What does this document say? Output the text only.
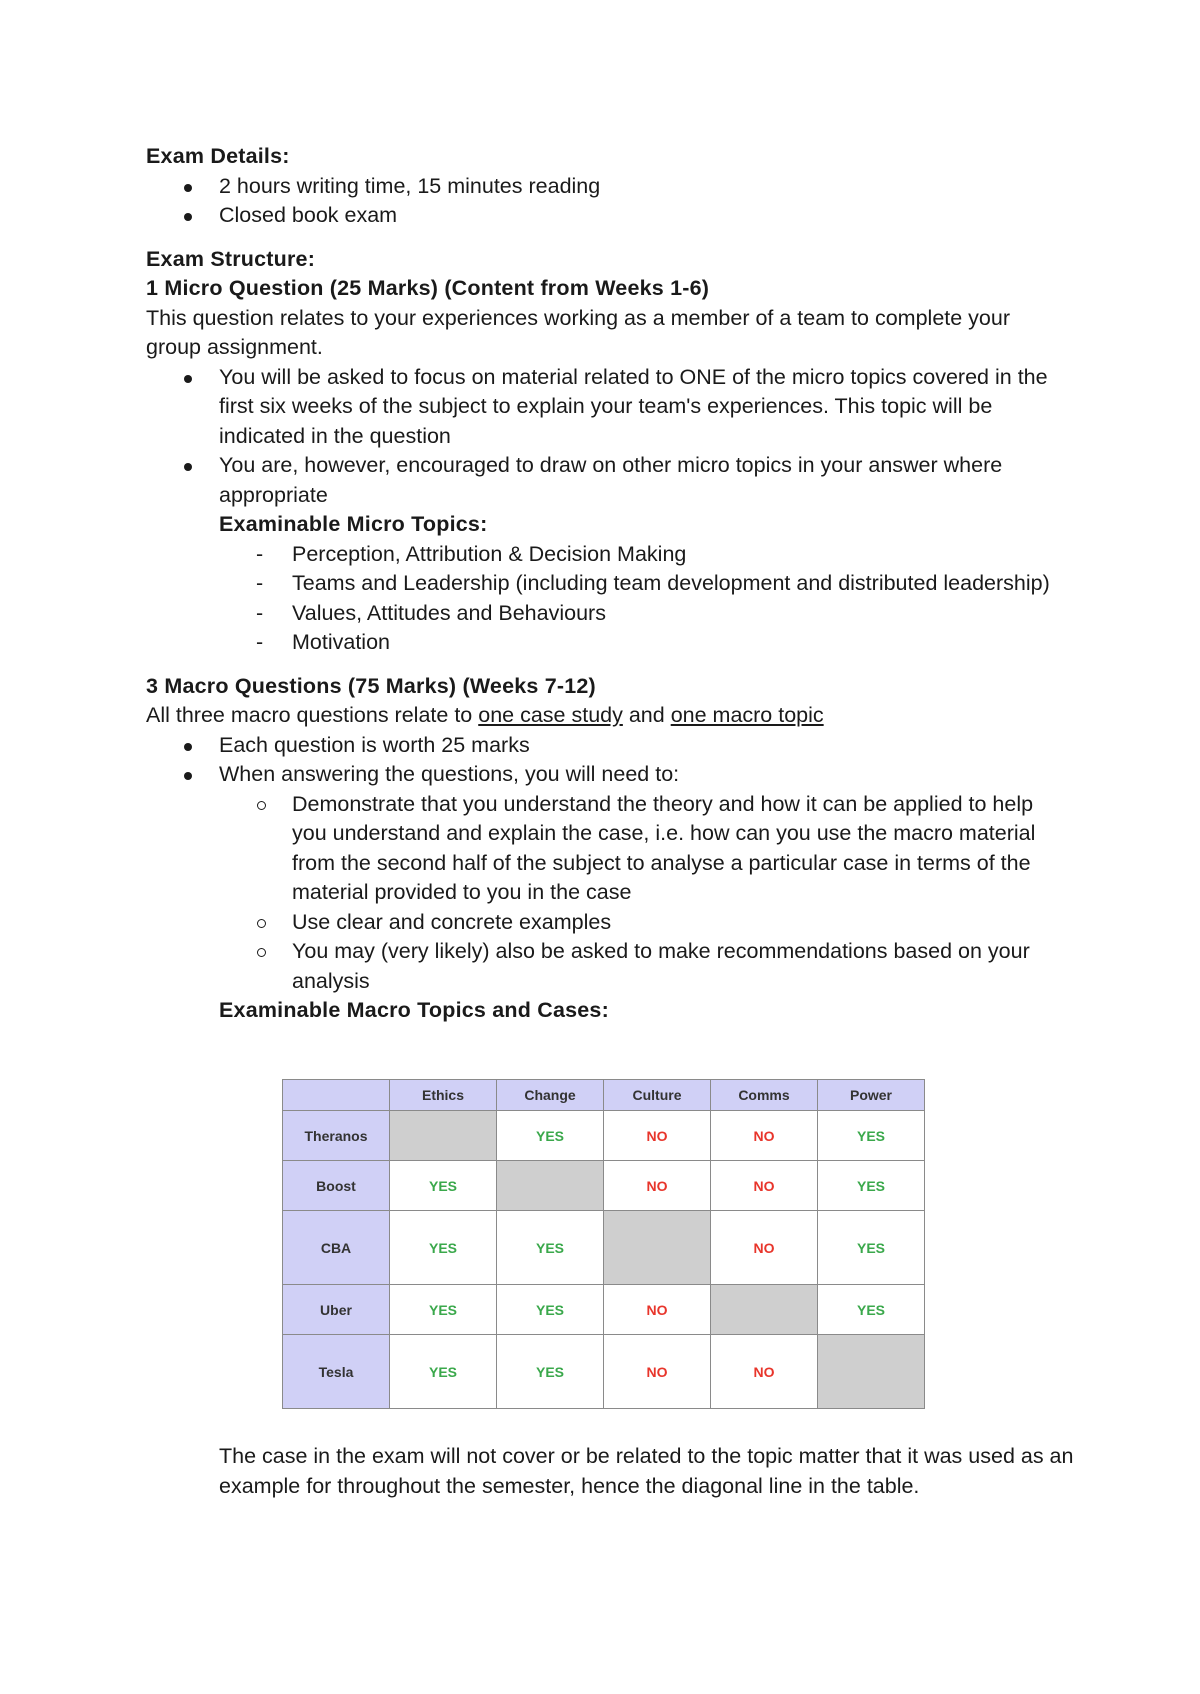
Exam Details:
2 hours writing time, 15 minutes reading
Closed book exam
Exam Structure:
1 Micro Question (25 Marks) (Content from Weeks 1-6)

This question relates to your experiences working as a member of a team to complete your group assignment.

You will be asked to focus on material related to ONE of the micro topics covered in the first six weeks of the subject to explain your team's experiences. This topic will be indicated in the question
You are, however, encouraged to draw on other micro topics in your answer where appropriate
Examinable Micro Topics:
- Perception, Attribution & Decision Making
- Teams and Leadership (including team development and distributed leadership)
- Values, Attitudes and Behaviours
- Motivation
3 Macro Questions (75 Marks) (Weeks 7-12)

All three macro questions relate to one case study and one macro topic

Each question is worth 25 marks
When answering the questions, you will need to:
Demonstrate that you understand the theory and how it can be applied to help you understand and explain the case, i.e. how can you use the macro material from the second half of the subject to analyse a particular case in terms of the material provided to you in the case
Use clear and concrete examples
You may (very likely) also be asked to make recommendations based on your analysis
Examinable Macro Topics and Cases:
	Ethics	Change	Culture	Comms	Power
Theranos		YES	NO	NO	YES
Boost	YES		NO	NO	YES
CBA	YES	YES		NO	YES
Uber	YES	YES	NO		YES
Tesla	YES	YES	NO	NO	

The case in the exam will not cover or be related to the topic matter that it was used as an example for throughout the semester, hence the diagonal line in the table.
